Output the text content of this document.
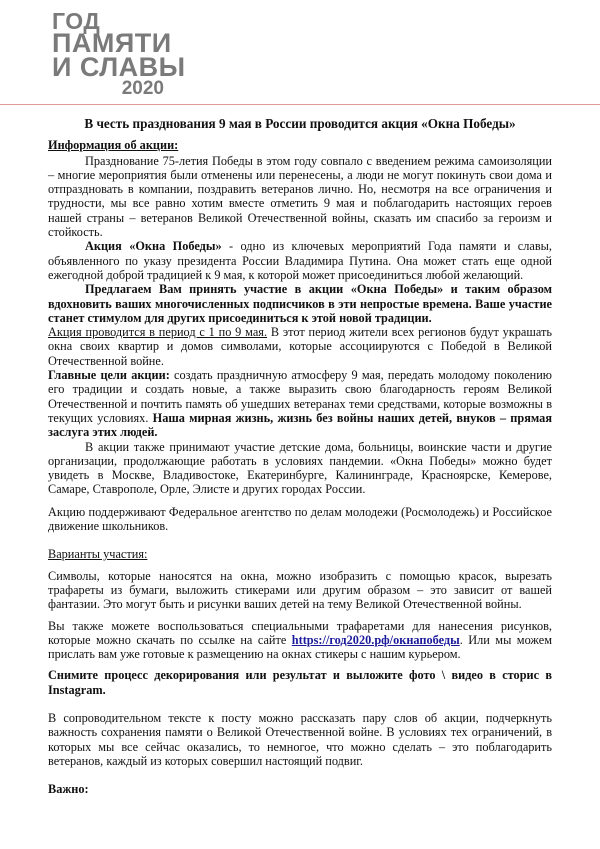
ГОД
ПАМЯТИ
И СЛАВЫ
2020

В честь празднования 9 мая в России проводится акция «Окна Победы»

Информация об акции:

Празднование 75-летия Победы в этом году совпало с введением режима самоизоляции – многие мероприятия были отменены или перенесены, а люди не могут покинуть свои дома и отпраздновать в компании, поздравить ветеранов лично. Но, несмотря на все ограничения и трудности, мы все равно хотим вместе отметить 9 мая и поблагодарить настоящих героев нашей страны – ветеранов Великой Отечественной войны, сказать им спасибо за героизм и стойкость.

Акция «Окна Победы» - одно из ключевых мероприятий Года памяти и славы, объявленного по указу президента России Владимира Путина. Она может стать еще одной ежегодной доброй традицией к 9 мая, к которой может присоединиться любой желающий.

Предлагаем Вам принять участие в акции «Окна Победы» и таким образом вдохновить ваших многочисленных подписчиков в эти непростые времена. Ваше участие станет стимулом для других присоединиться к этой новой традиции.

Акция проводится в период с 1 по 9 мая. В этот период жители всех регионов будут украшать окна своих квартир и домов символами, которые ассоциируются с Победой в Великой Отечественной войне.

Главные цели акции: создать праздничную атмосферу 9 мая, передать молодому поколению его традиции и создать новые, а также выразить свою благодарность героям Великой Отечественной и почтить память об ушедших ветеранах теми средствами, которые возможны в текущих условиях. Наша мирная жизнь, жизнь без войны наших детей, внуков – прямая заслуга этих людей.

В акции также принимают участие детские дома, больницы, воинские части и другие организации, продолжающие работать в условиях пандемии. «Окна Победы» можно будет увидеть в Москве, Владивостоке, Екатеринбурге, Калининграде, Красноярске, Кемерове, Самаре, Ставрополе, Орле, Элисте и других городах России.

Акцию поддерживают Федеральное агентство по делам молодежи (Росмолодежь) и Российское движение школьников.

Варианты участия:

Символы, которые наносятся на окна, можно изобразить с помощью красок, вырезать трафареты из бумаги, выложить стикерами или другим образом – это зависит от вашей фантазии. Это могут быть и рисунки ваших детей на тему Великой Отечественной войны.

Вы также можете воспользоваться специальными трафаретами для нанесения рисунков, которые можно скачать по ссылке на сайте https://год2020.рф/окнапобеды. Или мы можем прислать вам уже готовые к размещению на окнах стикеры с нашим курьером.

Снимите процесс декорирования или результат и выложите фото \ видео в сторис в Instagram.

В сопроводительном тексте к посту можно рассказать пару слов об акции, подчеркнуть важность сохранения памяти о Великой Отечественной войне. В условиях тех ограничений, в которых мы все сейчас оказались, то немногое, что можно сделать – это поблагодарить ветеранов, каждый из которых совершил настоящий подвиг.

Важно:
